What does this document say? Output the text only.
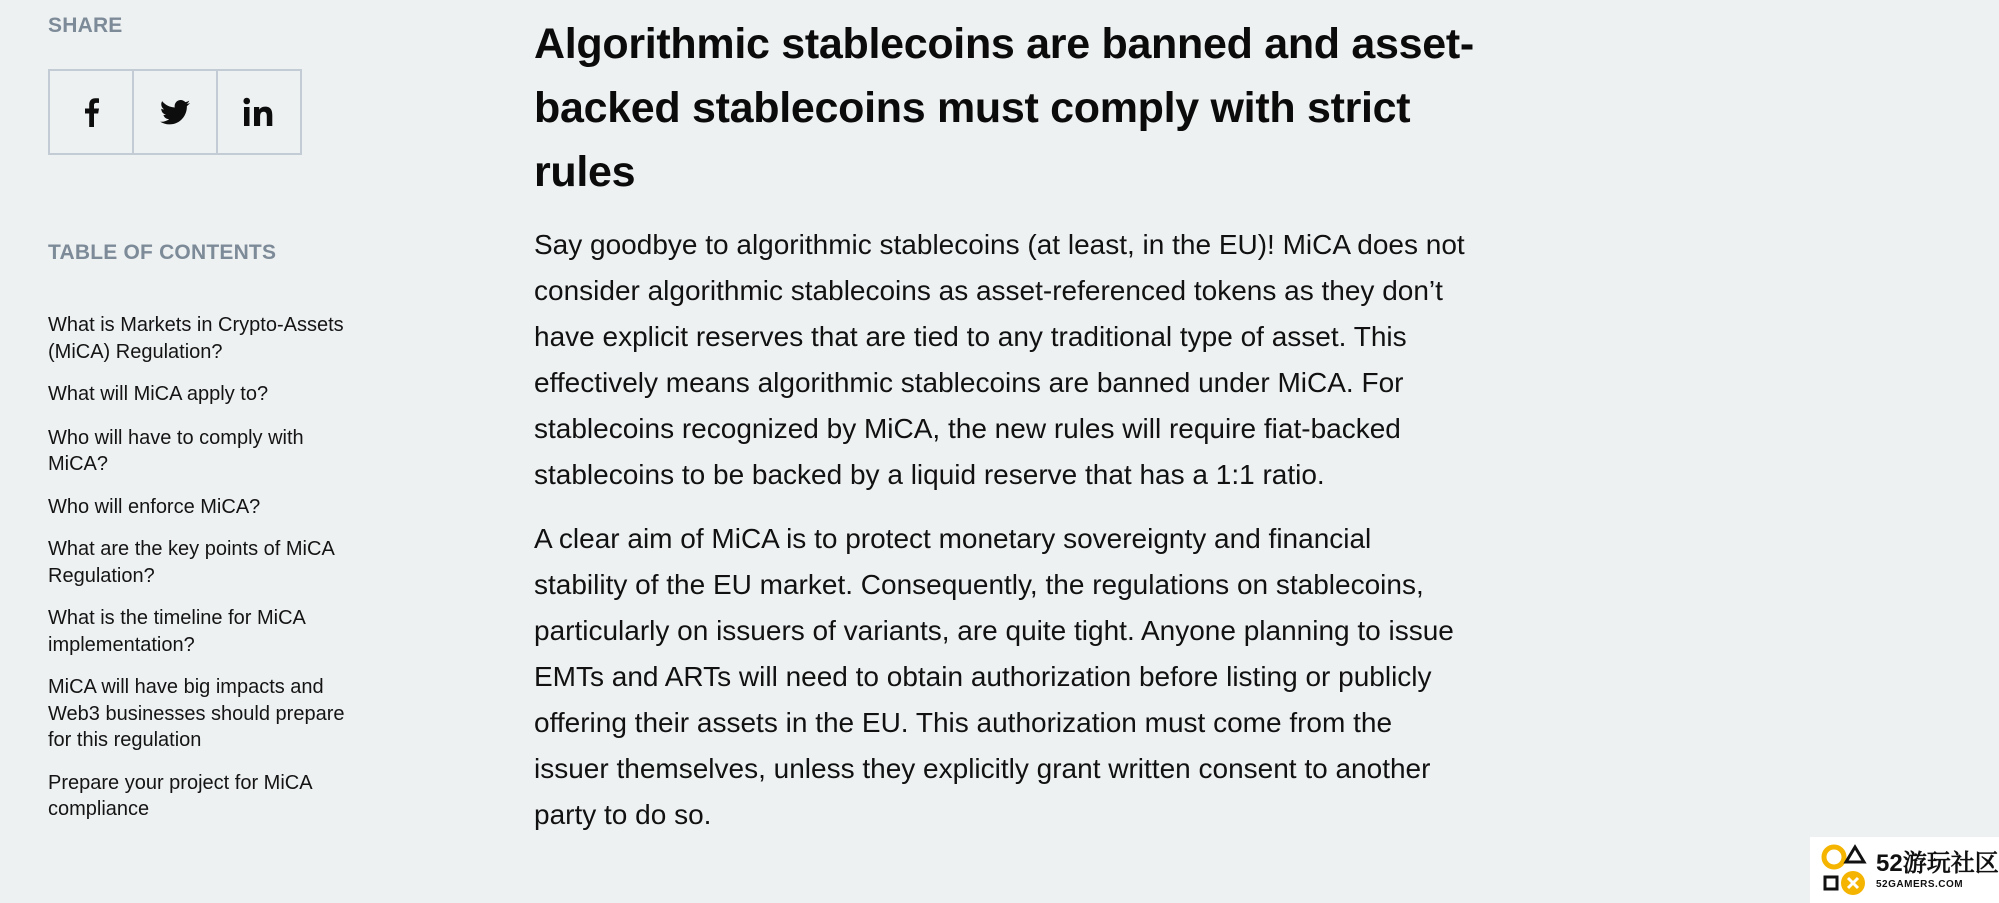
SHARE
TABLE OF CONTENTS
What is Markets in Crypto-Assets (MiCA) Regulation?
What will MiCA apply to?
Who will have to comply with MiCA?
Who will enforce MiCA?
What are the key points of MiCA Regulation?
What is the timeline for MiCA implementation?
MiCA will have big impacts and Web3 businesses should prepare for this regulation
Prepare your project for MiCA compliance
Algorithmic stablecoins are banned and asset-backed stablecoins must comply with strict rules

Say goodbye to algorithmic stablecoins (at least, in the EU)! MiCA does not consider algorithmic stablecoins as asset-referenced tokens as they don’t have explicit reserves that are tied to any traditional type of asset. This effectively means algorithmic stablecoins are banned under MiCA. For stablecoins recognized by MiCA, the new rules will require fiat-backed stablecoins to be backed by a liquid reserve that has a 1:1 ratio.

A clear aim of MiCA is to protect monetary sovereignty and financial stability of the EU market. Consequently, the regulations on stablecoins, particularly on issuers of variants, are quite tight. Anyone planning to issue EMTs and ARTs will need to obtain authorization before listing or publicly offering their assets in the EU. This authorization must come from the issuer themselves, unless they explicitly grant written consent to another party to do so.

52游玩社区
52GAMERS.COM
